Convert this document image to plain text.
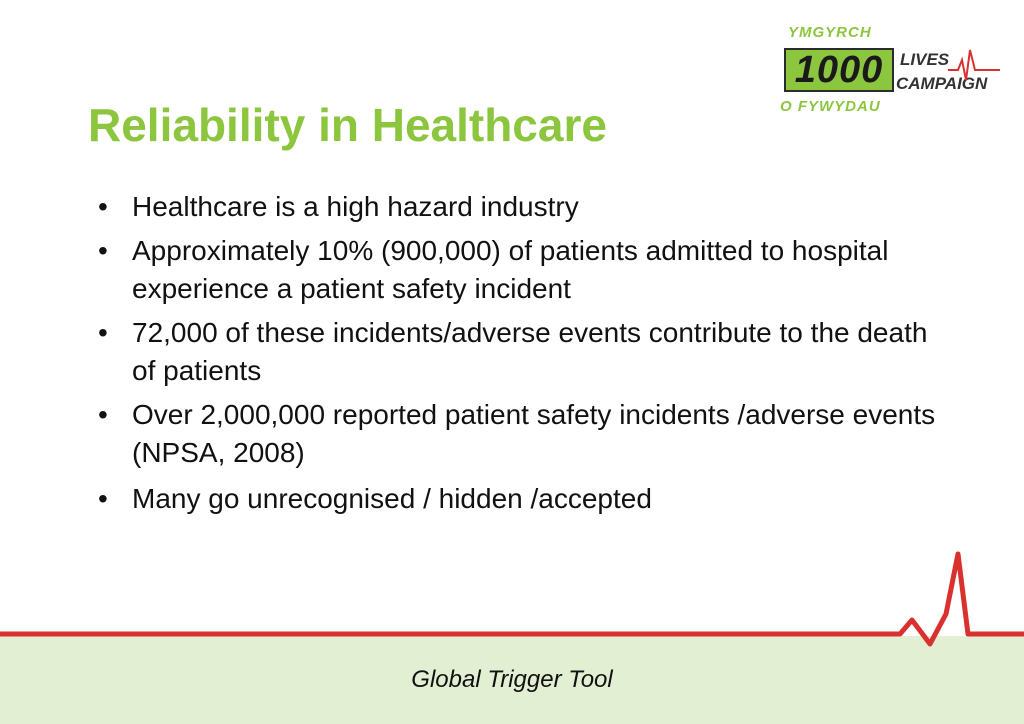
YMGYRCH
1000 LIVES
CAMPAIGN
O FYWYDAU
Reliability in Healthcare
• Healthcare is a high hazard industry
• Approximately 10% (900,000) of patients admitted to hospital experience a patient safety incident
• 72,000 of these incidents/adverse events contribute to the death of patients
• Over 2,000,000 reported patient safety incidents /adverse events (NPSA, 2008)
• Many go unrecognised / hidden /accepted
Global Trigger Tool
